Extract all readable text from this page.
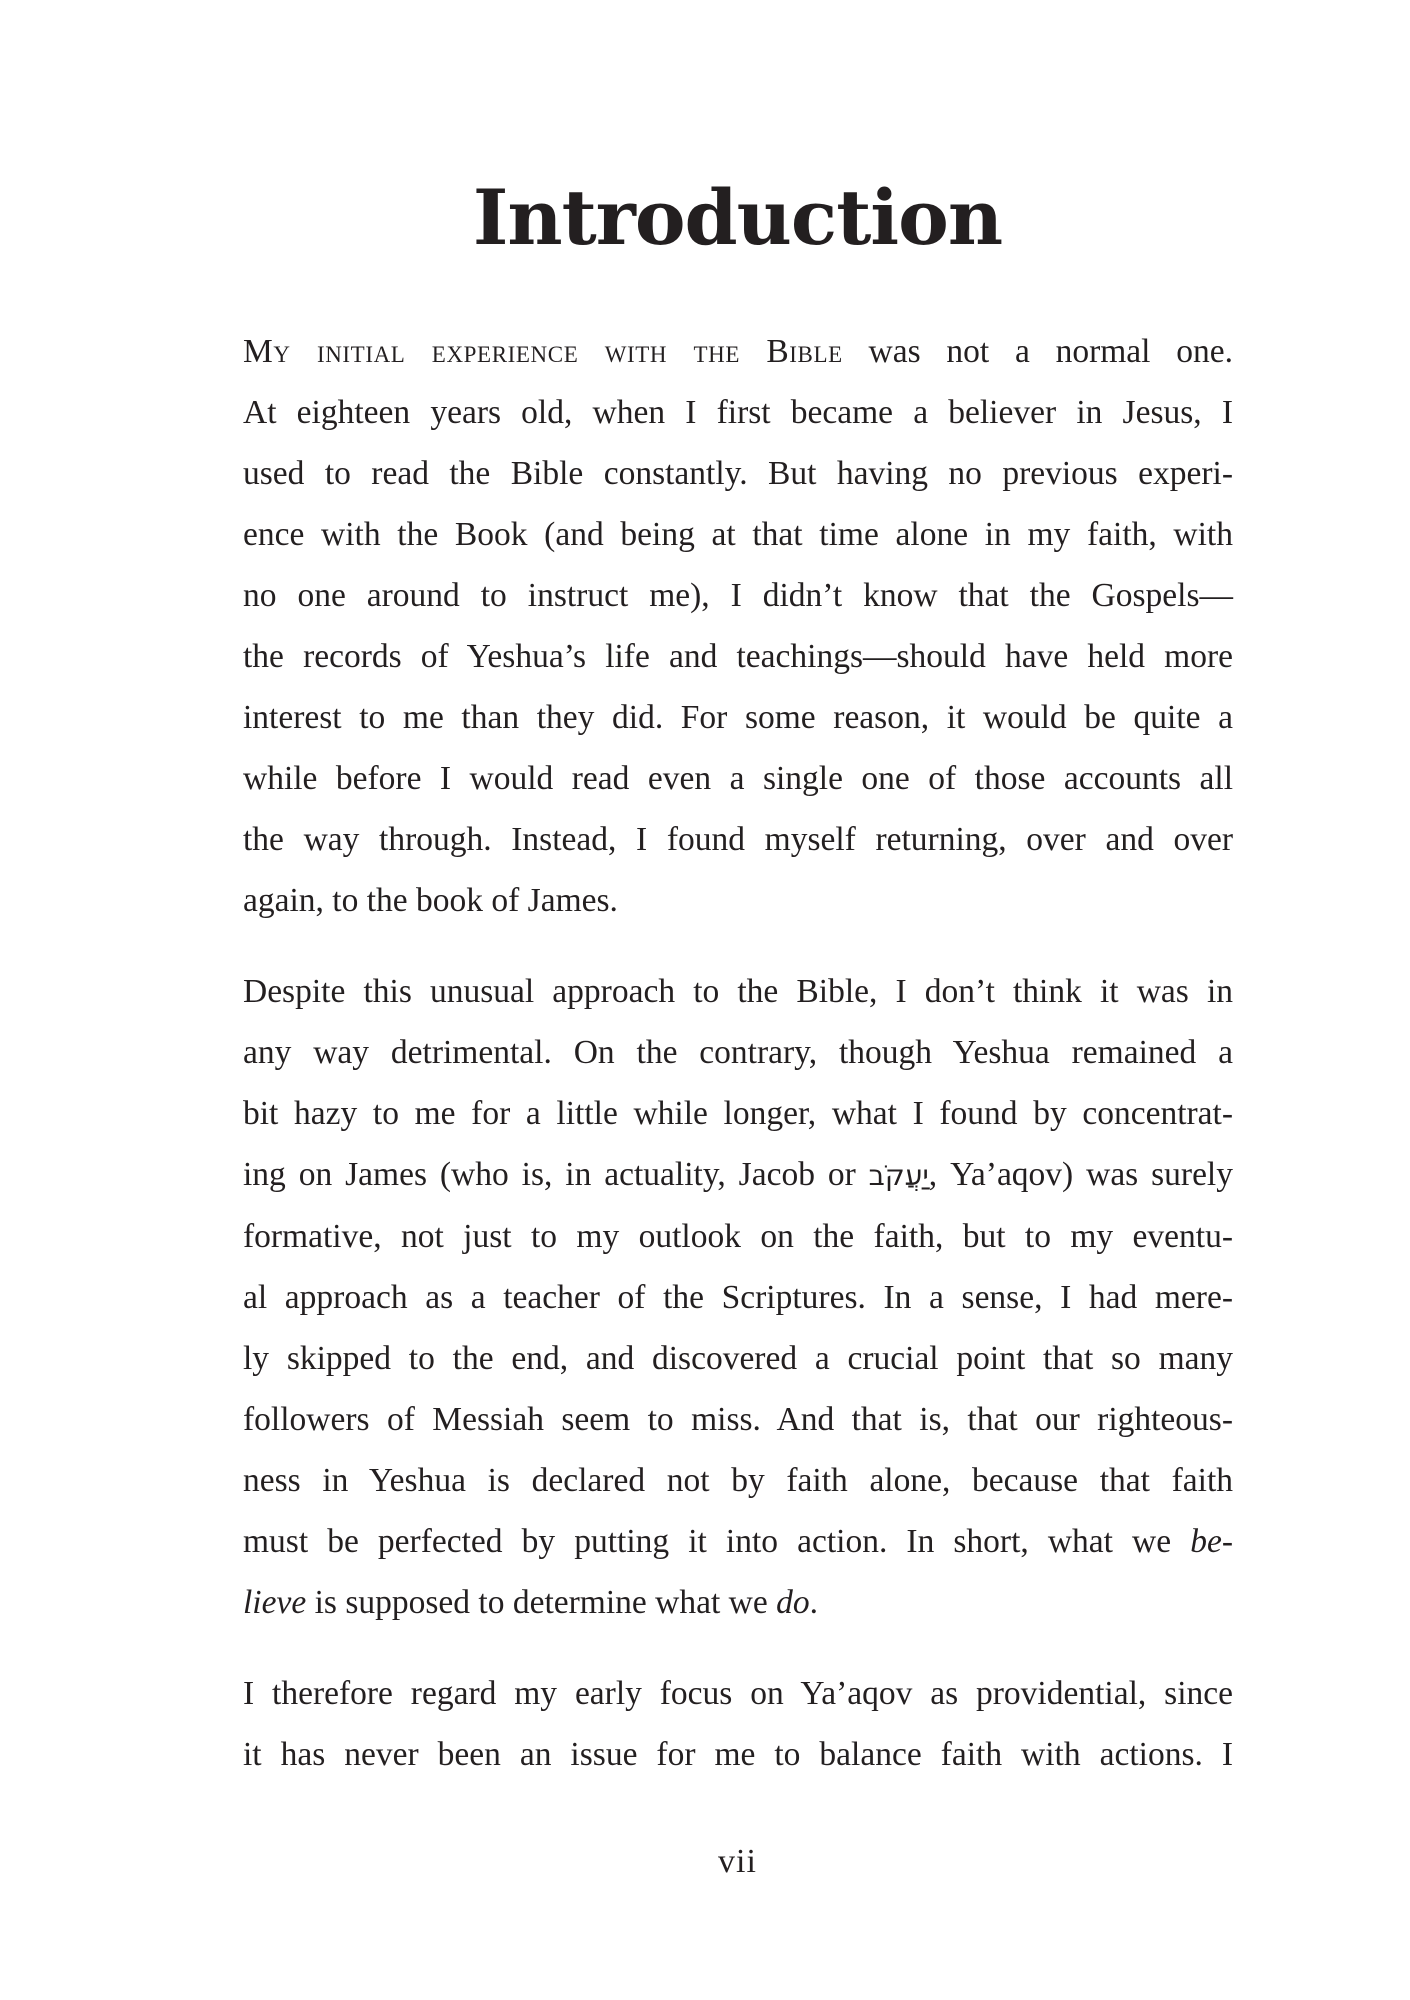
Introduction
My initial experience with the Bible was not a normal one.
At eighteen years old, when I first became a believer in Jesus, I
used to read the Bible constantly. But having no previous experi-
ence with the Book (and being at that time alone in my faith, with
no one around to instruct me), I didn’t know that the Gospels—
the records of Yeshua’s life and teachings—should have held more
interest to me than they did. For some reason, it would be quite a
while before I would read even a single one of those accounts all
the way through. Instead, I found myself returning, over and over
again, to the book of James.
Despite this unusual approach to the Bible, I don’t think it was in
any way detrimental. On the contrary, though Yeshua remained a
bit hazy to me for a little while longer, what I found by concentrat-
ing on James (who is, in actuality, Jacob or יַעֲקֹב, Ya’aqov) was surely
formative, not just to my outlook on the faith, but to my eventu-
al approach as a teacher of the Scriptures. In a sense, I had mere-
ly skipped to the end, and discovered a crucial point that so many
followers of Messiah seem to miss. And that is, that our righteous-
ness in Yeshua is declared not by faith alone, because that faith
must be perfected by putting it into action. In short, what we be-
lieve is supposed to determine what we do.
I therefore regard my early focus on Ya’aqov as providential, since
it has never been an issue for me to balance faith with actions. I
vii
